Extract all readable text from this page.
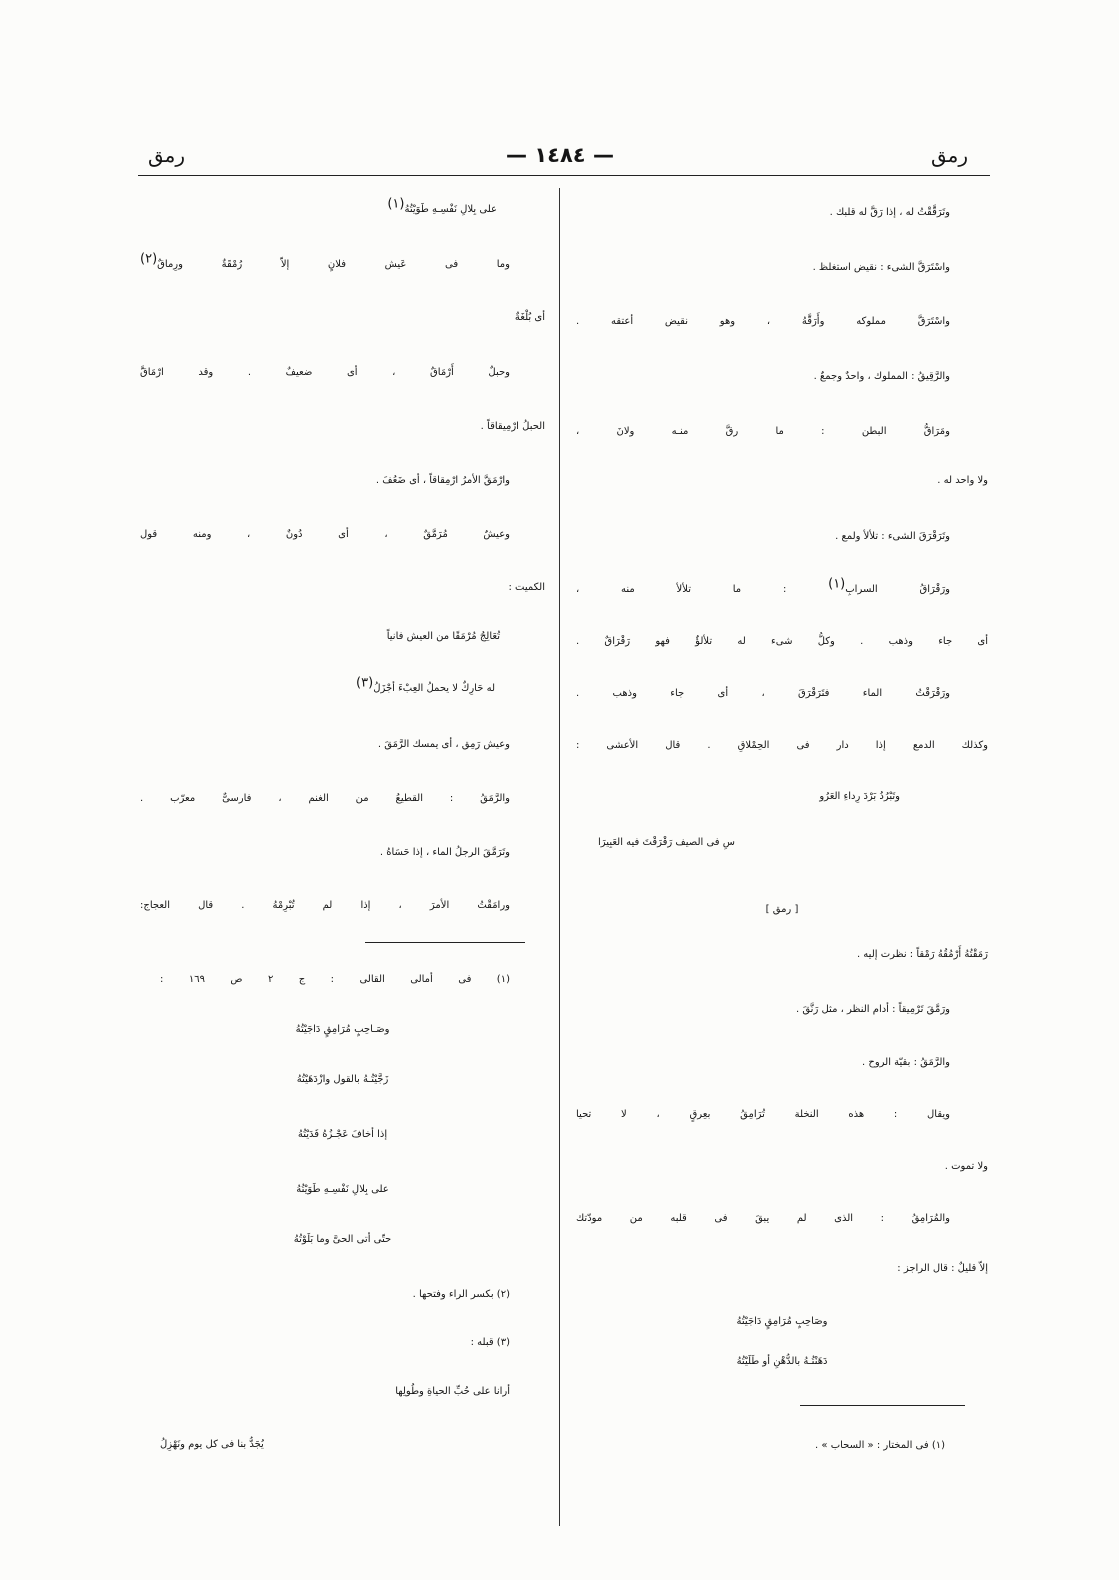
رمق
— ١٤٨٤ —
رمق
وتَرَقَّقْتُ له ، إذا رَقَّ له قلبك .
واسْتَرَقَّ الشىء : نقيض استغلظ .
واسْتَرَقَّ مملوكه وأَرَقَّهُ ، وهو نقيض أعتقه .
والرَّقِيقُ : المملوك ، واحدٌ وجمعٌ .
ومَرَاقُّ البطن : ما رقَّ منـه ولانَ ،
ولا واحد له .
وتَرَقْرَقَ الشىء : تلألأ ولمع .
ورَقْرَاقُ السرابِ(١) : ما تلألأ منه ،
أى جاء وذهب . وكلُّ شىء له تلألؤٌ فهو رَقْرَاقٌ .
ورَقْرَقْتُ الماء فتَرَقْرَقَ ، أى جاء وذهب .
وكذلك الدمع إذا دار فى الحِمْلاقِ . قال الأعشى :
وتَبْرُدُ بَرْدَ رِداءِ العَرُو
سِ فى الصيف رَقْرَقْتَ فيه العَبِيرَا
[ رمق ]
رَمَقْتُهُ أَرْمُقُهُ رَمْقاً : نظرت إليه .
ورَمَّقَ تَرْمِيقاً : أدام النظر ، مثل رَنَّقَ .
والرَّمَقُ : بقيّة الروح .
ويقال : هذه النخلة تُرَامِقُ بعِرقٍ ، لا تحيا
ولا تموت .
والمُرَامِقُ : الذى لم يبقَ فى قلبه من مودّتك
إلاّ قليلٌ : قال الراجز :
وصَاحِبٍ مُرَامِقٍ دَاجَيْتُهُ
دَهَنْتُـهُ بالدُّهْنِ أو طَلَيْتُهُ
(١) فى المختار : « السحاب » .
على بِلالِ نَفْسِـهِ طَوَيْتُهُ(١)
وما فى عَيش فلانٍ إلاّ رُمْقَةٌ ورِماقٌ(٢)
أى بُلْغَةٌ
وحبلٌ أَرْمَاقٌ ، أى ضعيفٌ . وقد ارْمَاقَّ
الحبلُ ارْمِيقاقاً .
وارْمَقَّ الأمرُ ارْمِقاقاً ، أى ضَعُفَ .
وعيشٌ مُرَمَّقٌ ، أى دُونٌ ، ومنه قول
الكميت :
تُعَالِجُ مُرْمَقًا من العيش فانياً
له حَارِكٌ لا يحملُ العِبْءَ أجْزَلُ(٣)
وعيش رَمِق ، أى يمسك الرَّمَقَ .
والرَّمَقُ : القطيعُ من الغنم ، فارسىٌّ معرّب .
وتَرَمَّقَ الرجلُ الماء ، إذا حَسَاهُ .
ورامَقْتُ الأمرَ ، إذا لم تُبْرِمْهُ . قال العجاج:
(١) فى أمالى القالى : ج ٢ ص ١٦٩ :
وصَـاحِبٍ مُرَامِقٍ دَاجَيْتُهُ
زَجَّيْتُـهُ بالقول وازْدَهَيْتُهُ
إذا أخافَ عَجْـزُهُ فَدَيْتُهُ
على بِلالِ نَفْسِـهِ طَوَيْتُهُ
حتّى أتى الحىَّ وما بَلَوْتُهُ
(٢) بكسر الراء وفتحها .
(٣) قبله :
أرانا على حُبِّ الحياةِ وطُولِها
يُجَدُّ بنا فى كل يوم ونَهْزِلُ
